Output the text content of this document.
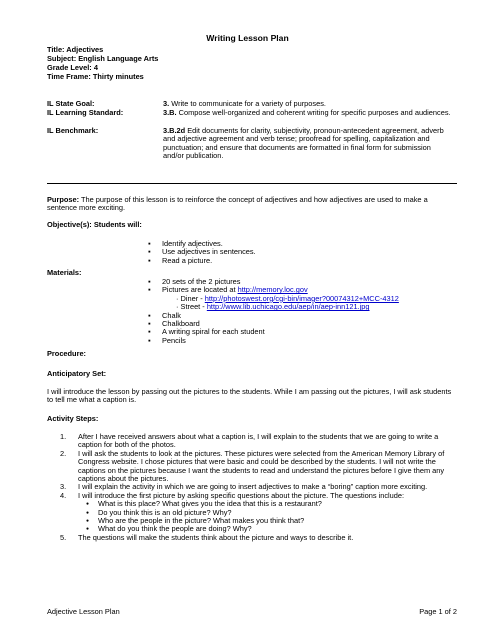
Writing Lesson Plan
Title: Adjectives
Subject: English Language Arts
Grade Level: 4
Time Frame: Thirty minutes
IL State Goal:	3. Write to communicate for a variety of purposes.
IL Learning Standard:	3.B. Compose well-organized and coherent writing for specific purposes and audiences.
IL Benchmark:	3.B.2d Edit documents for clarity, subjectivity, pronoun-antecedent agreement, adverb and adjective agreement and verb tense; proofread for spelling, capitalization and punctuation; and ensure that documents are formatted in final form for submission and/or publication.
Purpose: The purpose of this lesson is to reinforce the concept of adjectives and how adjectives are used to make a sentence more exciting.
Objective(s): Students will:
▪ Identify adjectives.
▪ Use adjectives in sentences.
▪ Read a picture.
Materials:
▪ 20 sets of the 2 pictures
▪ Pictures are located at http://memory.loc.gov
· Diner - http://photoswest.org/cgi-bin/imager?00074312+MCC-4312
· Street - http://www.lib.uchicago.edu/aep/in/aep-inn121.jpg
▪ Chalk
▪ Chalkboard
▪ A writing spiral for each student
▪ Pencils
Procedure:
Anticipatory Set:
I will introduce the lesson by passing out the pictures to the students. While I am passing out the pictures, I will ask students to tell me what a caption is.
Activity Steps:
1. After I have received answers about what a caption is, I will explain to the students that we are going to write a caption for both of the photos.
2. I will ask the students to look at the pictures. These pictures were selected from the American Memory Library of Congress website. I chose pictures that were basic and could be described by the students. I will not write the captions on the pictures because I want the students to read and understand the pictures before I give them any captions about the pictures.
3. I will explain the activity in which we are going to insert adjectives to make a “boring” caption more exciting.
4. I will introduce the first picture by asking specific questions about the picture. The questions include:
● What is this place? What gives you the idea that this is a restaurant?
● Do you think this is an old picture? Why?
● Who are the people in the picture? What makes you think that?
● What do you think the people are doing? Why?
5. The questions will make the students think about the picture and ways to describe it.
Adjective Lesson Plan	Page 1 of 2
